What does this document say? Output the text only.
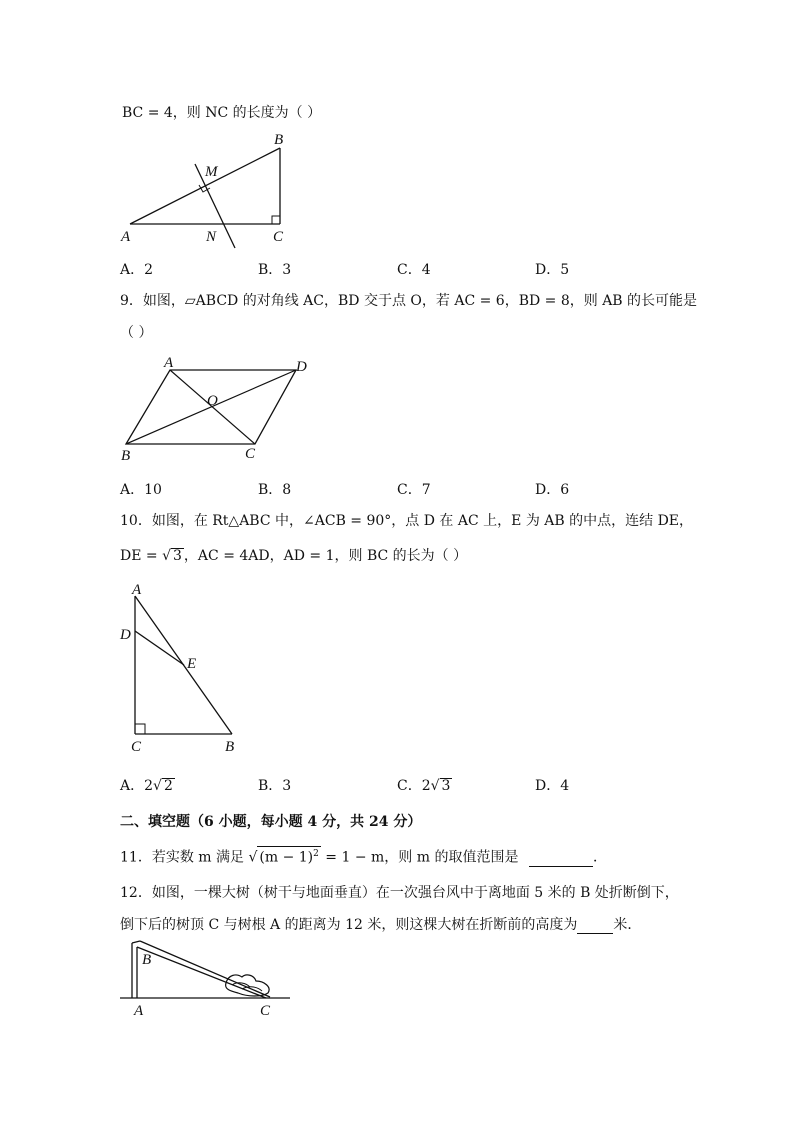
BC = 4，则 NC 的长度为（ ）
A
B
C
M
N
A．2	B．3	C．4	D．5
9．如图，▱ABCD 的对角线 AC，BD 交于点 O，若 AC = 6，BD = 8，则 AB 的长可能是
（ ）
A	D
B	C
O
A．10	B．8	C．7	D．6
10．如图，在 Rt△ABC 中，∠ACB = 90°，点 D 在 AC 上，E 为 AB 的中点，连结 DE，
DE = √ 3 ，AC = 4AD，AD = 1，则 BC 的长为（ ）
A
D
E
C	B
A．2√ 2	B．3	C．2√ 3	D．4
二、填空题（6 小题，每小题 4 分，共 24 分）
11．若实数 m 满足 √ $(m - 1)^2 = 1 - m$，则 m 的取值范围是	．
12．如图，一棵大树（树干与地面垂直）在一次强台风中于离地面 5 米的 B 处折断倒下，
倒下后的树顶 C 与树根 A 的距离为 12 米，则这棵大树在折断前的高度为	米．
B
A	C
